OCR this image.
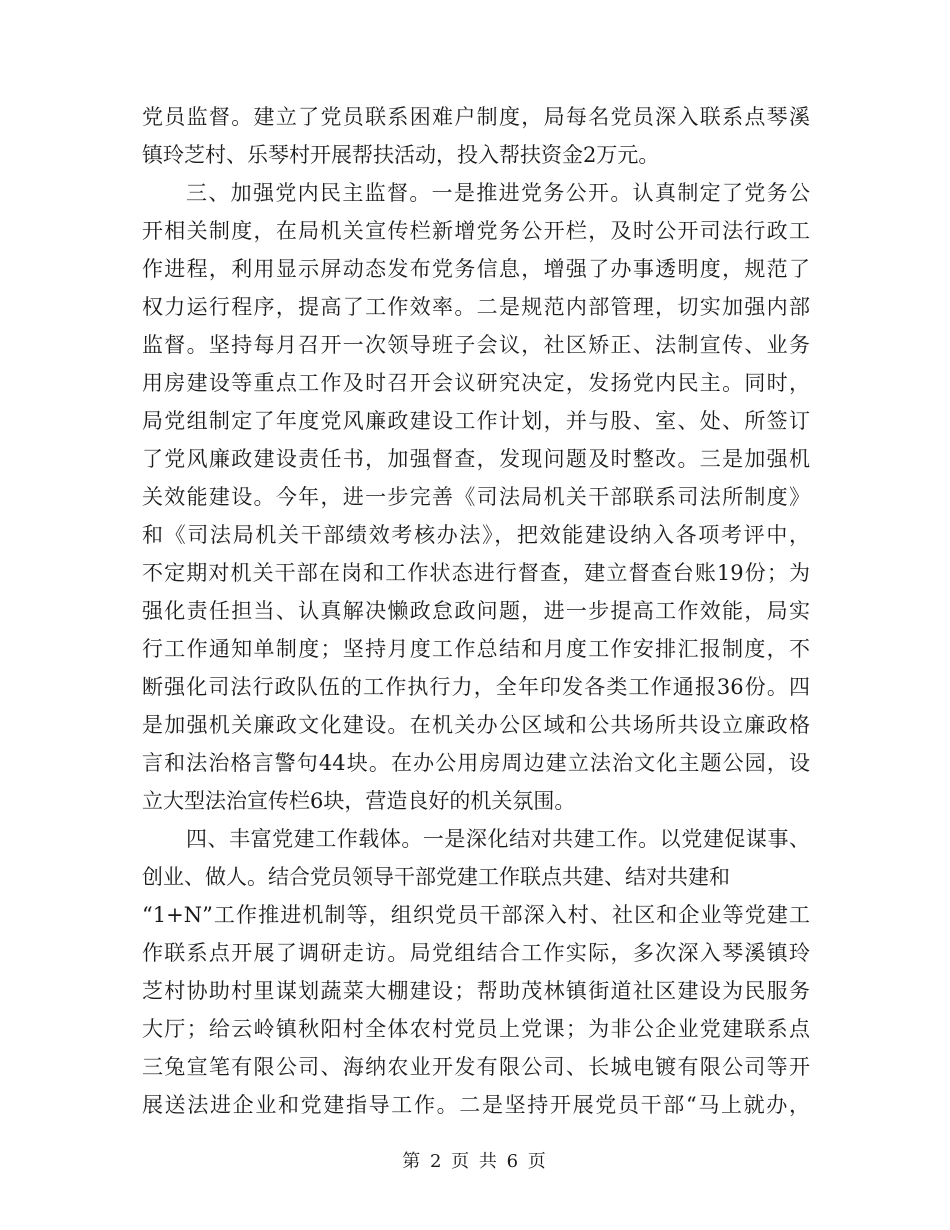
党员监督。建立了党员联系困难户制度，局每名党员深入联系点琴溪
镇玲芝村、乐琴村开展帮扶活动，投入帮扶资金2万元。
三、加强党内民主监督。一是推进党务公开。认真制定了党务公
开相关制度，在局机关宣传栏新增党务公开栏，及时公开司法行政工
作进程，利用显示屏动态发布党务信息，增强了办事透明度，规范了
权力运行程序，提高了工作效率。二是规范内部管理，切实加强内部
监督。坚持每月召开一次领导班子会议，社区矫正、法制宣传、业务
用房建设等重点工作及时召开会议研究决定，发扬党内民主。同时，
局党组制定了年度党风廉政建设工作计划，并与股、室、处、所签订
了党风廉政建设责任书，加强督查，发现问题及时整改。三是加强机
关效能建设。今年，进一步完善《司法局机关干部联系司法所制度》
和《司法局机关干部绩效考核办法》，把效能建设纳入各项考评中，
不定期对机关干部在岗和工作状态进行督查，建立督查台账19份；为
强化责任担当、认真解决懒政怠政问题，进一步提高工作效能，局实
行工作通知单制度；坚持月度工作总结和月度工作安排汇报制度，不
断强化司法行政队伍的工作执行力，全年印发各类工作通报36份。四
是加强机关廉政文化建设。在机关办公区域和公共场所共设立廉政格
言和法治格言警句44块。在办公用房周边建立法治文化主题公园，设
立大型法治宣传栏6块，营造良好的机关氛围。
四、丰富党建工作载体。一是深化结对共建工作。以党建促谋事、
创业、做人。结合党员领导干部党建工作联点共建、结对共建和
“1+N”工作推进机制等，组织党员干部深入村、社区和企业等党建工
作联系点开展了调研走访。局党组结合工作实际，多次深入琴溪镇玲
芝村协助村里谋划蔬菜大棚建设；帮助茂林镇街道社区建设为民服务
大厅；给云岭镇秋阳村全体农村党员上党课；为非公企业党建联系点
三兔宣笔有限公司、海纳农业开发有限公司、长城电镀有限公司等开
展送法进企业和党建指导工作。二是坚持开展党员干部“马上就办，
第 2 页 共 6 页
